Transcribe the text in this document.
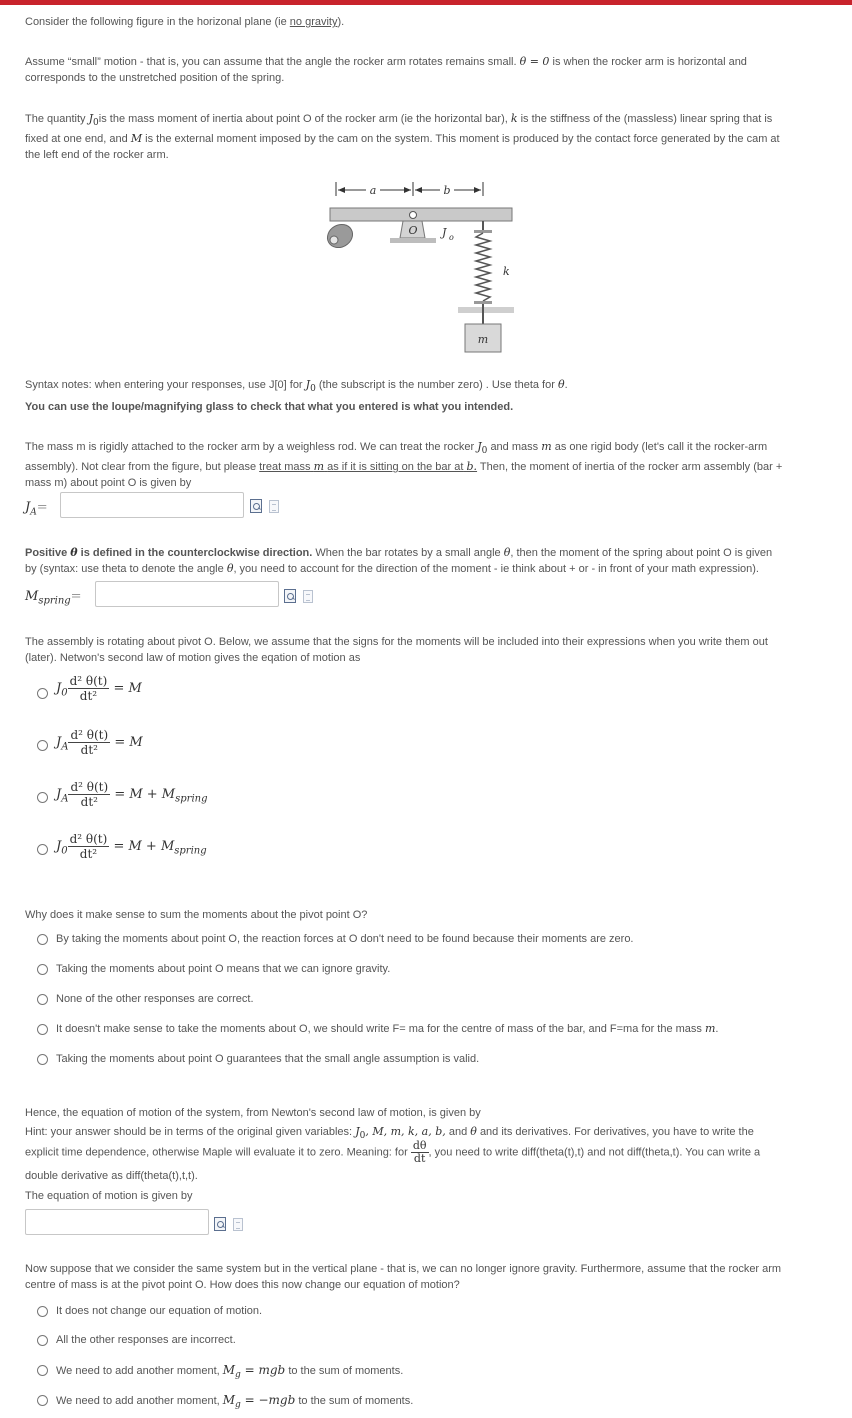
Consider the following figure in the horizonal plane (ie no gravity).

Assume “small” motion - that is, you can assume that the angle the rocker arm rotates remains small. θ = 0 is when the rocker arm is horizontal and
corresponds to the unstretched position of the spring.

The quantity $J_0is$ the mass moment of inertia about point O of the rocker arm (ie the horizontal bar), k is the stiffness of the (massless) linear spring that is
fixed at one end, and M is the external moment imposed by the cam on the system. This moment is produced by the contact force generated by the cam at
the left end of the rocker arm.

a	b
O J o
k
m

Syntax notes: when entering your responses, use J[0] for $J_0$ (the subscript is the number zero) . Use theta for θ.

You can use the loupe/magnifying glass to check that what you entered is what you intended.

The mass m is rigidly attached to the rocker arm by a weighless rod. We can treat the rocker $J_0$ and mass m as one rigid body (let's call it the rocker-arm
assembly). Not clear from the figure, but please treat mass m as if it is sitting on the bar at b. Then, the moment of inertia of the rocker arm assembly (bar +
mass m) about point O is given by

$J_A=$

Positive θ is defined in the counterclockwise direction. When the bar rotates by a small angle θ, then the moment of the spring about point O is given
by (syntax: use theta to denote the angle θ, you need to account for the direction of the moment - ie think about + or - in front of your math expression).

$M_{spring}=$

The assembly is rotating about pivot O. Below, we assume that the signs for the moments will be included into their expressions when you write them out
(later). Netwon's second law of motion gives the eqation of motion as

$J_0 \frac{\text{d² θ(t)}}{\text{dt²}} = M$
$J_A \frac{\text{d² θ(t)}}{\text{dt²}} = M$
$J_A \frac{\text{d² θ(t)}}{\text{dt²}} = M + M_{spring}$
$J_0 \frac{\text{d² θ(t)}}{\text{dt²}} = M + M_{spring}$

Why does it make sense to sum the moments about the pivot point O?

By taking the moments about point O, the reaction forces at O don't need to be found because their moments are zero.

Taking the moments about point O means that we can ignore gravity.

None of the other responses are correct.

It doesn't make sense to take the moments about O, we should write F= ma for the centre of mass of the bar, and F=ma for the mass m.

Taking the moments about point O guarantees that the small angle assumption is valid.

Hence, the equation of motion of the system, from Newton's second law of motion, is given by

Hint: your answer should be in terms of the original given variables: $J_0$, M, m, k, a, b, and θ and its derivatives. For derivatives, you have to write the

explicit time dependence, otherwise Maple will evaluate it to zero. Meaning: for $\frac{d\theta}{dt}$ , you need to write diff(theta(t),t) and not diff(theta,t). You can write a

double derivative as diff(theta(t),t,t).

The equation of motion is given by

Now suppose that we consider the same system but in the vertical plane - that is, we can no longer ignore gravity. Furthermore, assume that the rocker arm
centre of mass is at the pivot point O. How does this now change our equation of motion?

It does not change our equation of motion.

All the other responses are incorrect.

We need to add another moment, $M_g$ = mgb to the sum of moments.

We need to add another moment, $M_g = -mgb$ to the sum of moments.
